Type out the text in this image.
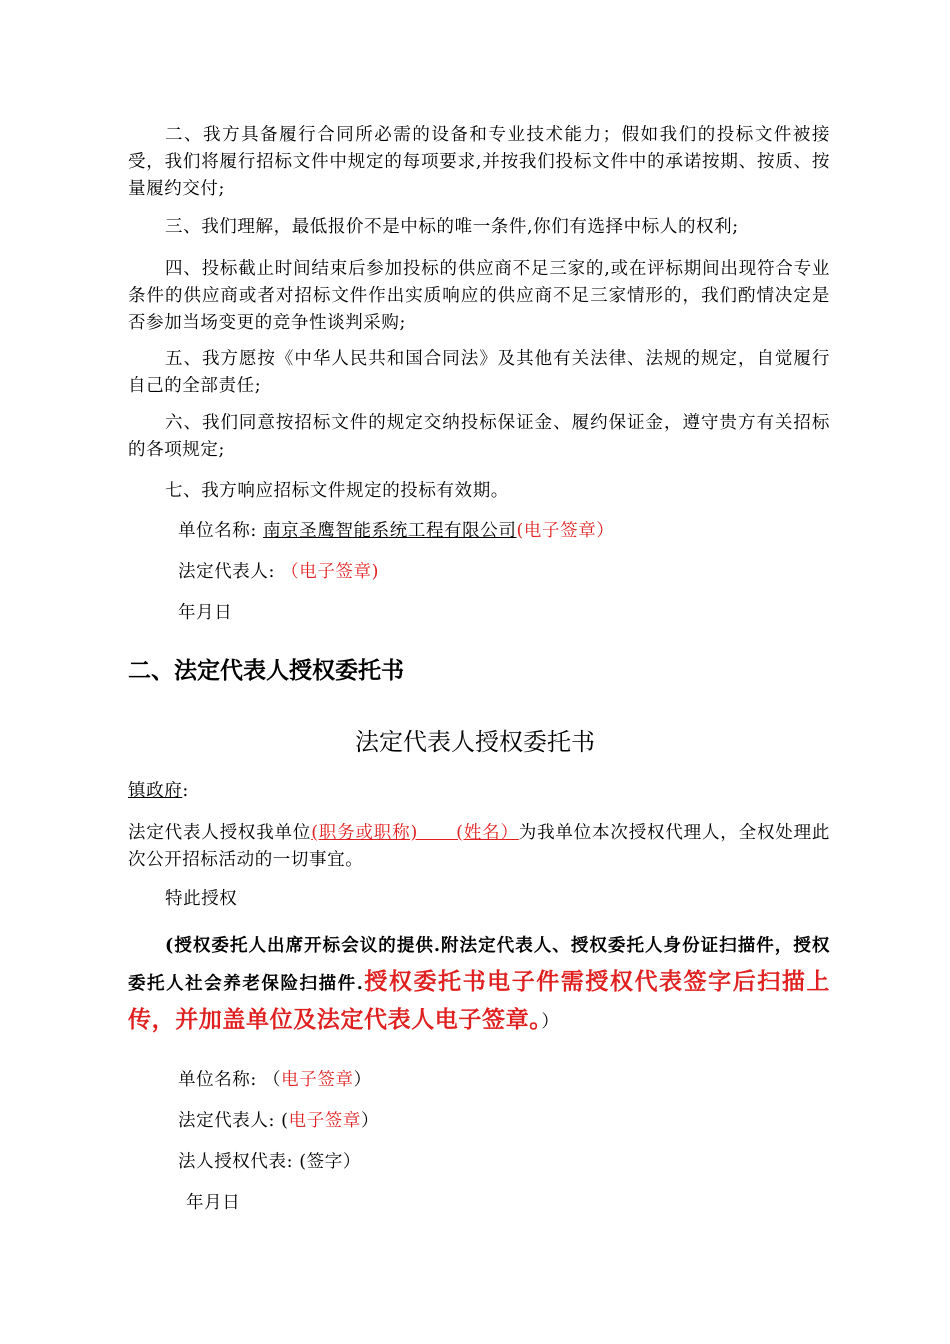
二、我方具备履行合同所必需的设备和专业技术能力；假如我们的投标文件被接受，我们将履行招标文件中规定的每项要求,并按我们投标文件中的承诺按期、按质、按量履约交付;

三、我们理解，最低报价不是中标的唯一条件,你们有选择中标人的权利;

四、投标截止时间结束后参加投标的供应商不足三家的,或在评标期间出现符合专业条件的供应商或者对招标文件作出实质响应的供应商不足三家情形的，我们酌情决定是否参加当场变更的竞争性谈判采购;

五、我方愿按《中华人民共和国合同法》及其他有关法律、法规的规定，自觉履行自己的全部责任;

六、我们同意按招标文件的规定交纳投标保证金、履约保证金，遵守贵方有关招标的各项规定;

七、我方响应招标文件规定的投标有效期。

单位名称: 南京圣鹰智能系统工程有限公司(电子签章）
法定代表人: （电子签章)
年月日
二、法定代表人授权委托书
法定代表人授权委托书
镇政府:

法定代表人授权我单位(职务或职称)      (姓名）为我单位本次授权代理人，全权处理此次公开招标活动的一切事宜。

特此授权

(授权委托人出席开标会议的提供.附法定代表人、授权委托人身份证扫描件，授权委托人社会养老保险扫描件.授权委托书电子件需授权代表签字后扫描上传，并加盖单位及法定代表人电子签章。）

单位名称: （电子签章）
法定代表人: (电子签章）
法人授权代表: (签字）
年月日
